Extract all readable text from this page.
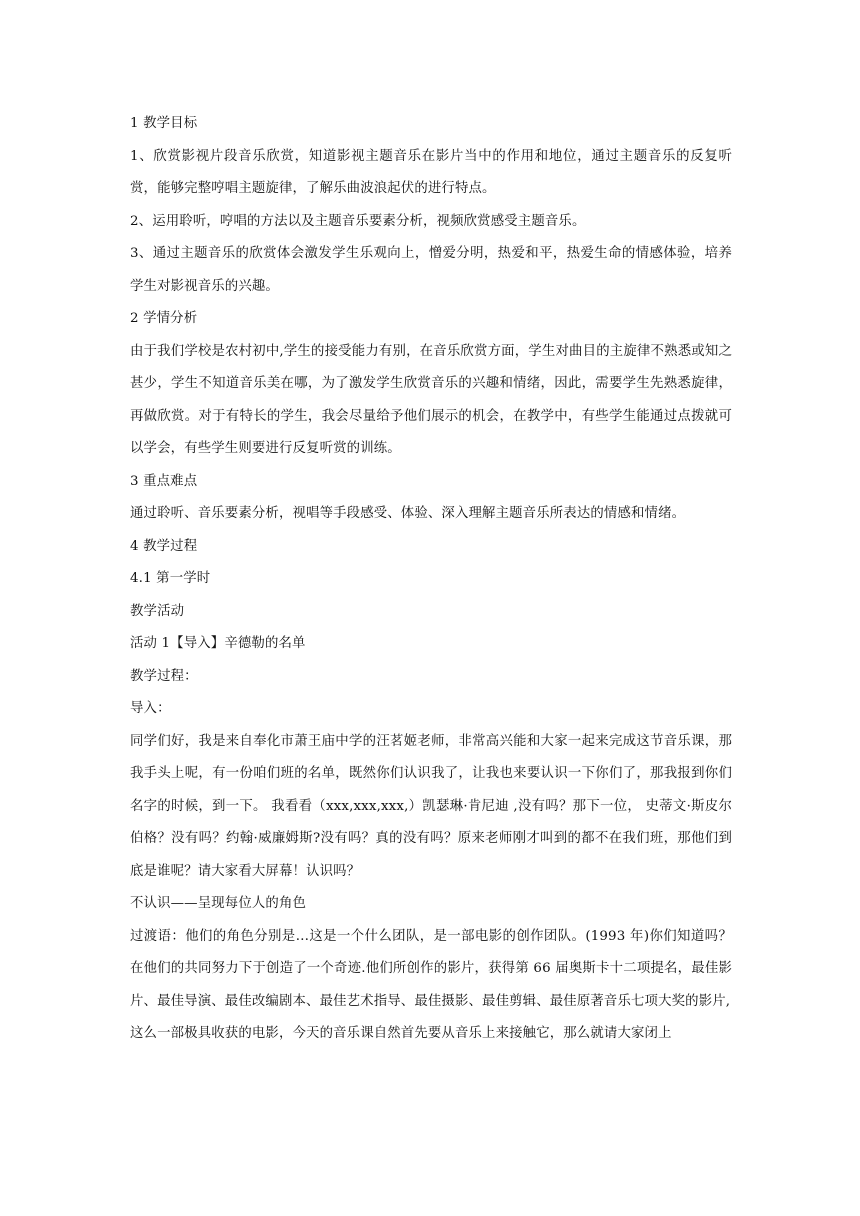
1 教学目标

1、欣赏影视片段音乐欣赏，知道影视主题音乐在影片当中的作用和地位，通过主题音乐的反复听赏，能够完整哼唱主题旋律，了解乐曲波浪起伏的进行特点。

2、运用聆听，哼唱的方法以及主题音乐要素分析，视频欣赏感受主题音乐。

3、通过主题音乐的欣赏体会激发学生乐观向上，憎爱分明，热爱和平，热爱生命的情感体验，培养学生对影视音乐的兴趣。

2 学情分析

由于我们学校是农村初中,学生的接受能力有别，在音乐欣赏方面，学生对曲目的主旋律不熟悉或知之甚少，学生不知道音乐美在哪，为了激发学生欣赏音乐的兴趣和情绪，因此，需要学生先熟悉旋律，再做欣赏。对于有特长的学生，我会尽量给予他们展示的机会，在教学中，有些学生能通过点拨就可以学会，有些学生则要进行反复听赏的训练。

3 重点难点

通过聆听、音乐要素分析，视唱等手段感受、体验、深入理解主题音乐所表达的情感和情绪。

4 教学过程

4.1 第一学时

教学活动

活动 1【导入】辛德勒的名单

教学过程：

导入：

同学们好，我是来自奉化市萧王庙中学的汪茗姬老师，非常高兴能和大家一起来完成这节音乐课，那我手头上呢，有一份咱们班的名单，既然你们认识我了，让我也来要认识一下你们了，那我报到你们名字的时候，到一下。 我看看（xxx,xxx,xxx,）凯瑟琳·肯尼迪 ,没有吗？那下一位， 史蒂文·斯皮尔伯格？没有吗？约翰·威廉姆斯?没有吗？真的没有吗？原来老师刚才叫到的都不在我们班，那他们到底是谁呢？请大家看大屏幕！认识吗？

不认识——呈现每位人的角色

过渡语：他们的角色分别是…这是一个什么团队，是一部电影的创作团队。(1993 年)你们知道吗？在他们的共同努力下于创造了一个奇迹.他们所创作的影片，获得第 66 届奥斯卡十二项提名，最佳影片、最佳导演、最佳改编剧本、最佳艺术指导、最佳摄影、最佳剪辑、最佳原著音乐七项大奖的影片,

这么一部极具收获的电影，今天的音乐课自然首先要从音乐上来接触它，那么就请大家闭上
